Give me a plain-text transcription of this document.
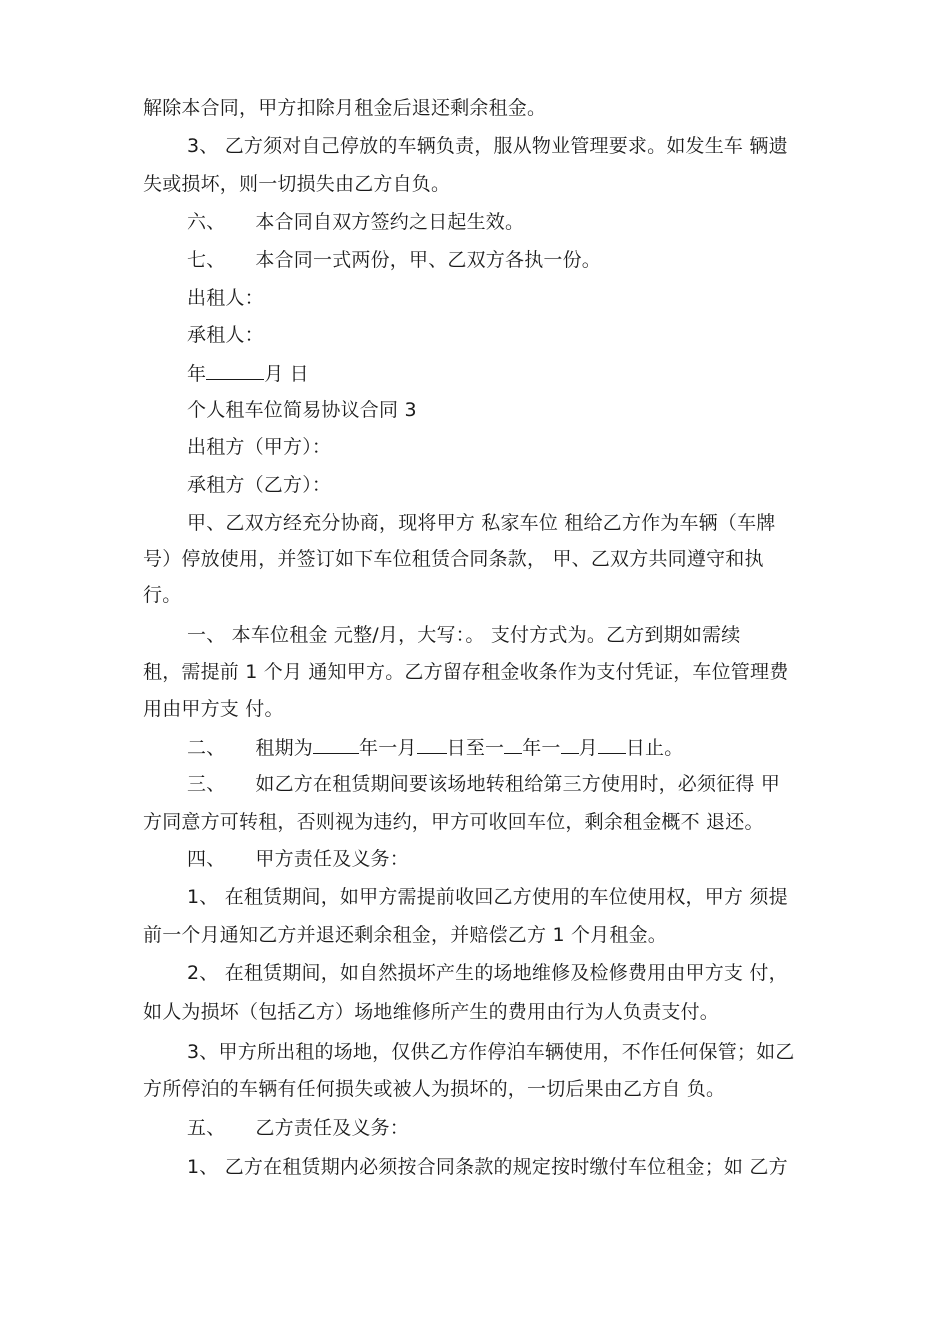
解除本合同，甲方扣除月租金后退还剩余租金。
3、 乙方须对自己停放的车辆负责，服从物业管理要求。如发生车 辆遗
失或损坏，则一切损失由乙方自负。
六、 本合同自双方签约之日起生效。
七、 本合同一式两份，甲、乙双方各执一份。
出租人：
承租人：
年	月 日
个人租车位简易协议合同 3
出租方（甲方）：
承租方（乙方）：
甲、乙双方经充分协商，现将甲方 私家车位 租给乙方作为车辆（车牌
号）停放使用，并签订如下车位租赁合同条款， 甲、乙双方共同遵守和执
行。
一、 本车位租金 元整/月，大写：。 支付方式为。乙方到期如需续
租，需提前 1 个月 通知甲方。乙方留存租金收条作为支付凭证，车位管理费
用由甲方支 付。
二、 租期为 年一月 日至一 年一 月 日止。
三、 如乙方在租赁期间要该场地转租给第三方使用时，必须征得 甲
方同意方可转租，否则视为违约，甲方可收回车位，剩余租金概不 退还。
四、 甲方责任及义务：
1、 在租赁期间，如甲方需提前收回乙方使用的车位使用权，甲方 须提
前一个月通知乙方并退还剩余租金，并赔偿乙方 1 个月租金。
2、 在租赁期间，如自然损坏产生的场地维修及检修费用由甲方支 付，
如人为损坏（包括乙方）场地维修所产生的费用由行为人负责支付。
3、甲方所出租的场地，仅供乙方作停泊车辆使用，不作任何保管；如乙
方所停泊的车辆有任何损失或被人为损坏的，一切后果由乙方自 负。
五、 乙方责任及义务：
1、 乙方在租赁期内必须按合同条款的规定按时缴付车位租金；如 乙方
